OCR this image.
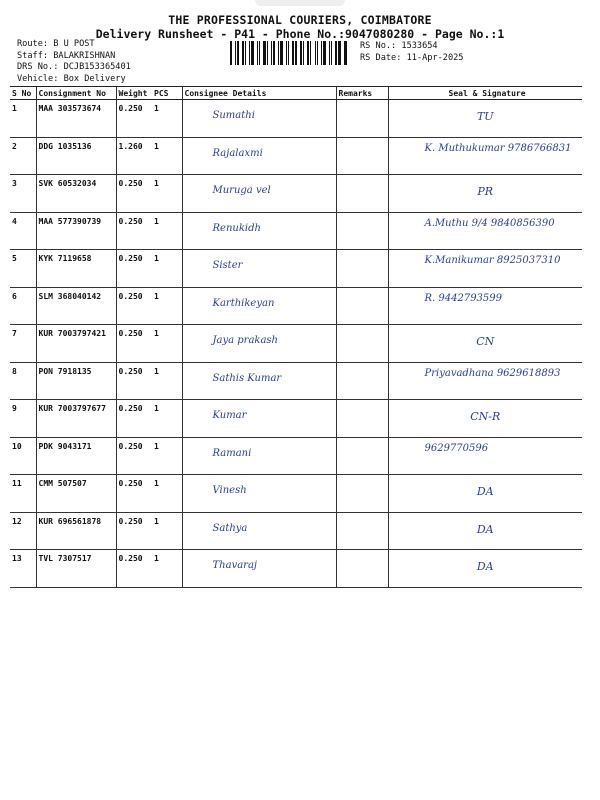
THE PROFESSIONAL COURIERS, COIMBATORE
Delivery Runsheet - P41 - Phone No.:9047080280 - Page No.:1
Route: B U POST
Staff: BALAKRISHNAN
DRS No.: DCJB153365401
Vehicle: Box Delivery
RS No.: 1533654
RS Date: 11-Apr-2025
S No	Consignment No	Weight	PCS	Consignee Details	Remarks	Seal & Signature
1	MAA 303573674	0.250	1	Sumathi		TU
2	DDG 1035136	1.260	1	Rajalaxmi		K. Muthukumar 9786766831
3	SVK 60532034	0.250	1	Muruga vel		PR
4	MAA 577390739	0.250	1	Renukidh		A.Muthu 9/4 9840856390
5	KYK 7119658	0.250	1	Sister		K.Manikumar 8925037310
6	SLM 368040142	0.250	1	Karthikeyan		R. 9442793599
7	KUR 7003797421	0.250	1	Jaya prakash		CN
8	PON 7918135	0.250	1	Sathis Kumar		Priyavadhana 9629618893
9	KUR 7003797677	0.250	1	Kumar		CN-R
10	PDK 9043171	0.250	1	Ramani		9629770596
11	CMM 507507	0.250	1	Vinesh		DA
12	KUR 696561878	0.250	1	Sathya		DA
13	TVL 7307517	0.250	1	Thavaraj		DA
